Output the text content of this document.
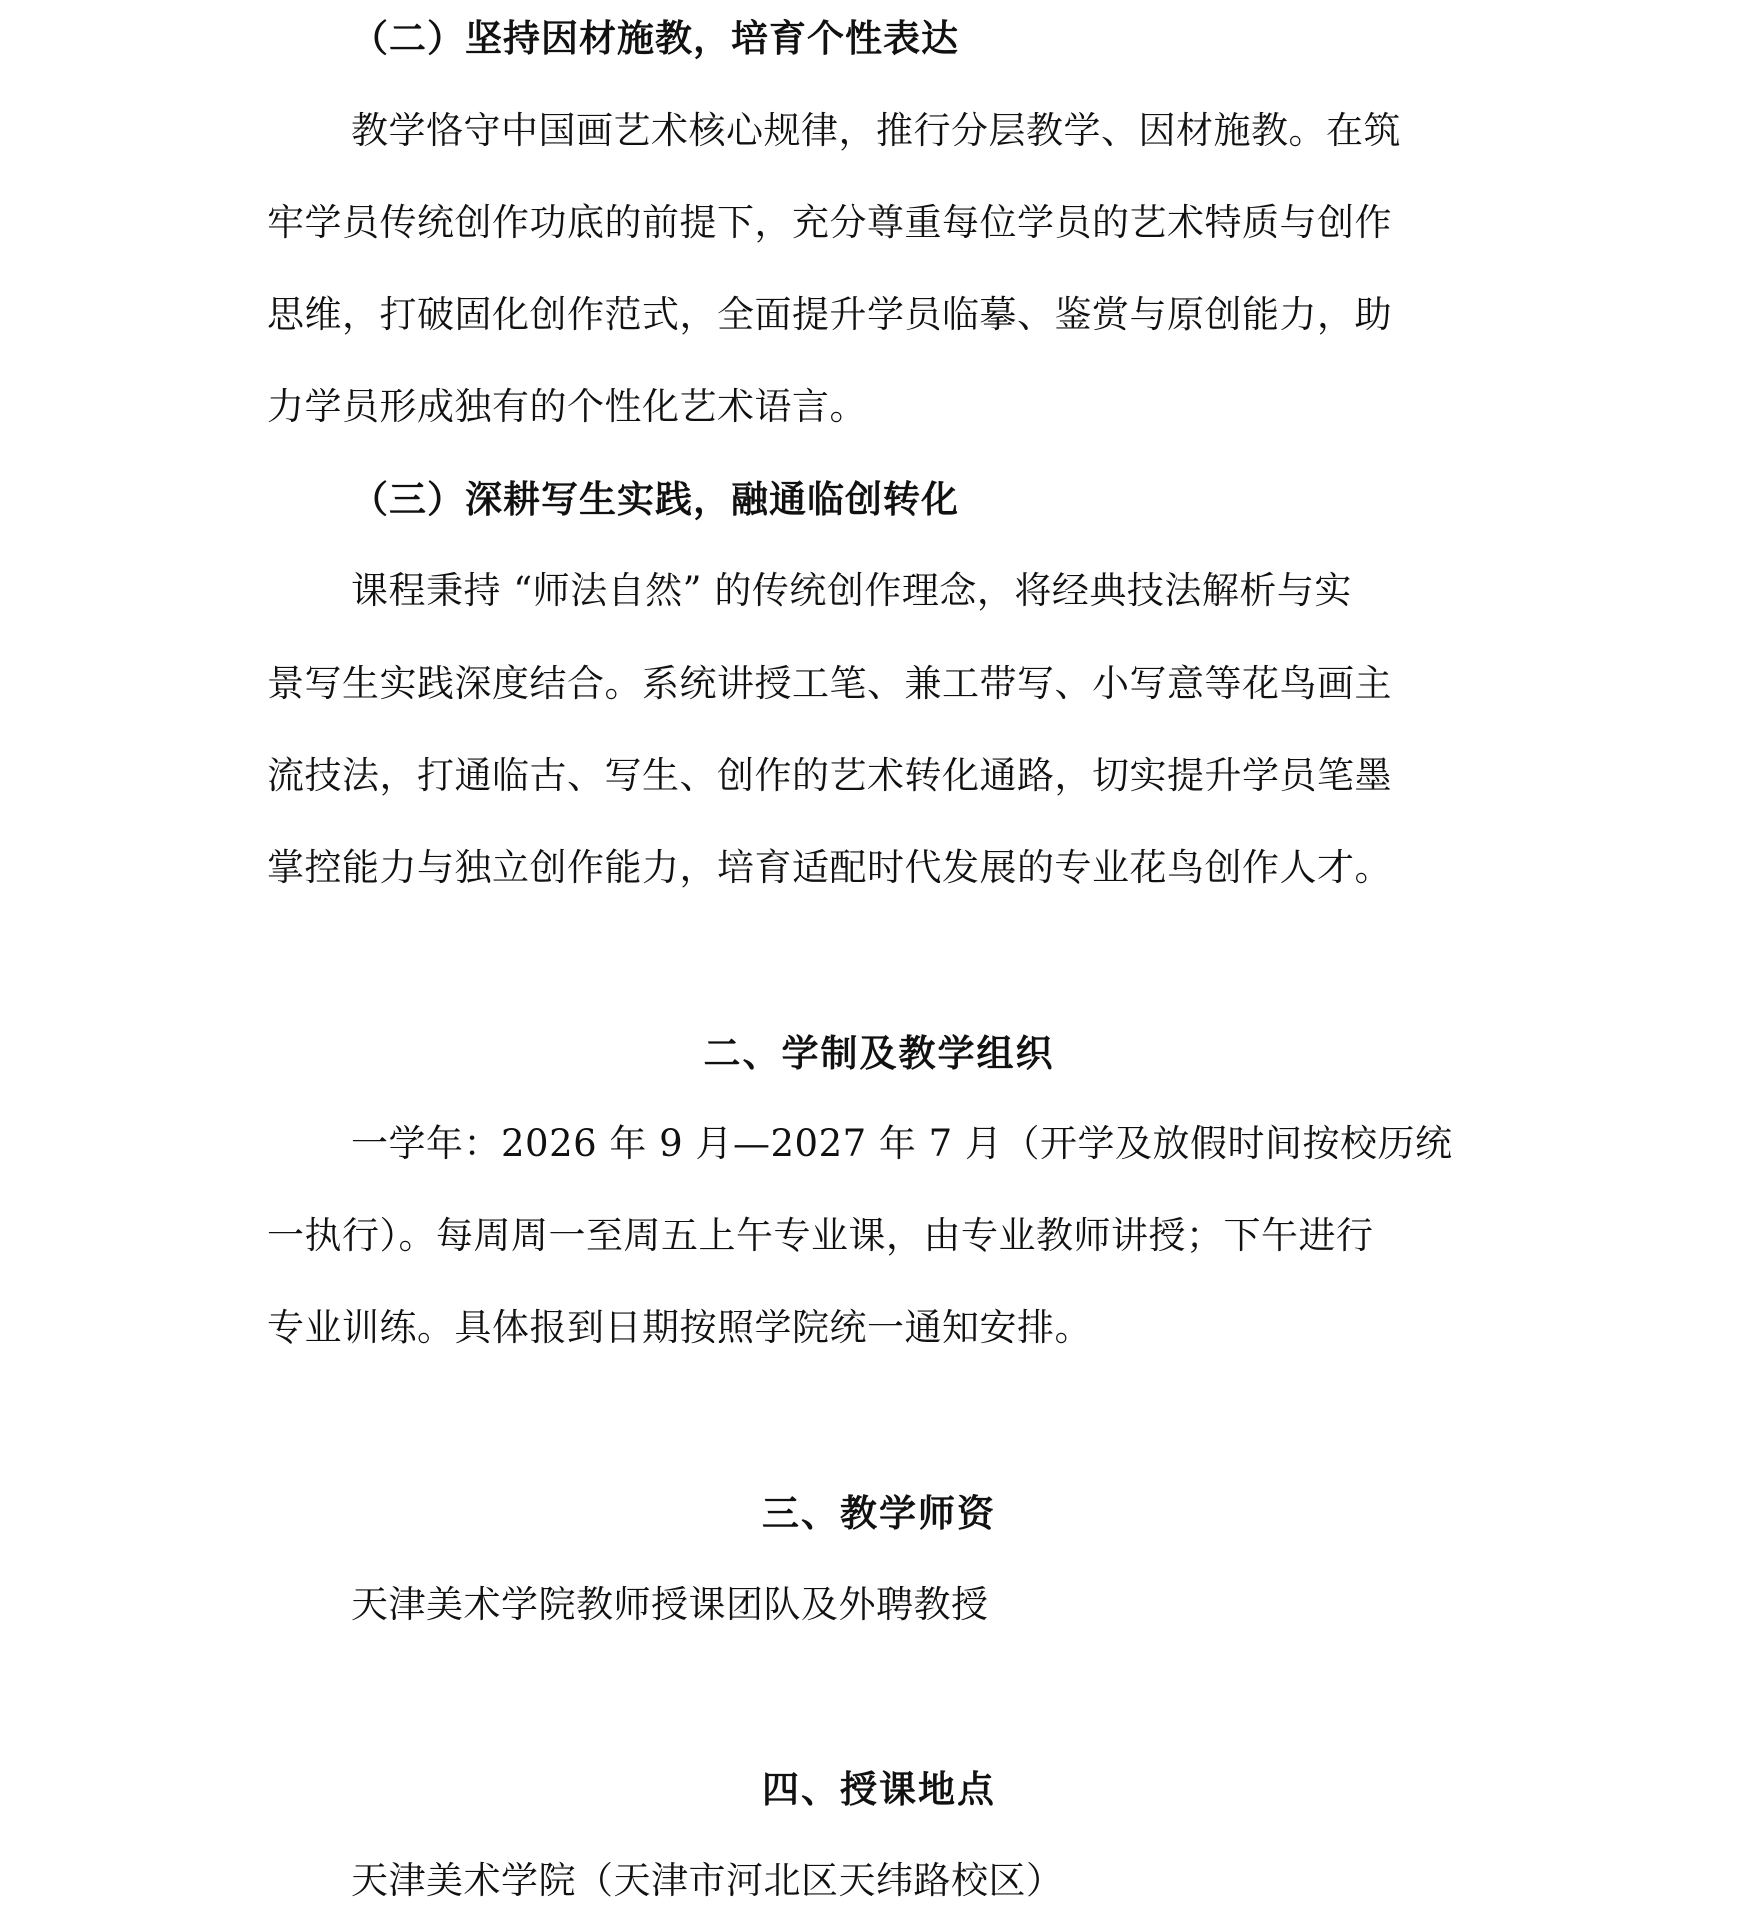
（二）坚持因材施教，培育个性表达
教学恪守中国画艺术核心规律，推行分层教学、因材施教。在筑
牢学员传统创作功底的前提下，充分尊重每位学员的艺术特质与创作
思维，打破固化创作范式，全面提升学员临摹、鉴赏与原创能力，助
力学员形成独有的个性化艺术语言。
（三）深耕写生实践，融通临创转化
课程秉持 “师法自然” 的传统创作理念，将经典技法解析与实
景写生实践深度结合。系统讲授工笔、兼工带写、小写意等花鸟画主
流技法，打通临古、写生、创作的艺术转化通路，切实提升学员笔墨
掌控能力与独立创作能力，培育适配时代发展的专业花鸟创作人才。
二、学制及教学组织
一学年：2026 年 9 月—2027 年 7 月（开学及放假时间按校历统
一执行）。每周周一至周五上午专业课，由专业教师讲授；下午进行
专业训练。具体报到日期按照学院统一通知安排。
三、教学师资
天津美术学院教师授课团队及外聘教授
四、授课地点
天津美术学院（天津市河北区天纬路校区）
